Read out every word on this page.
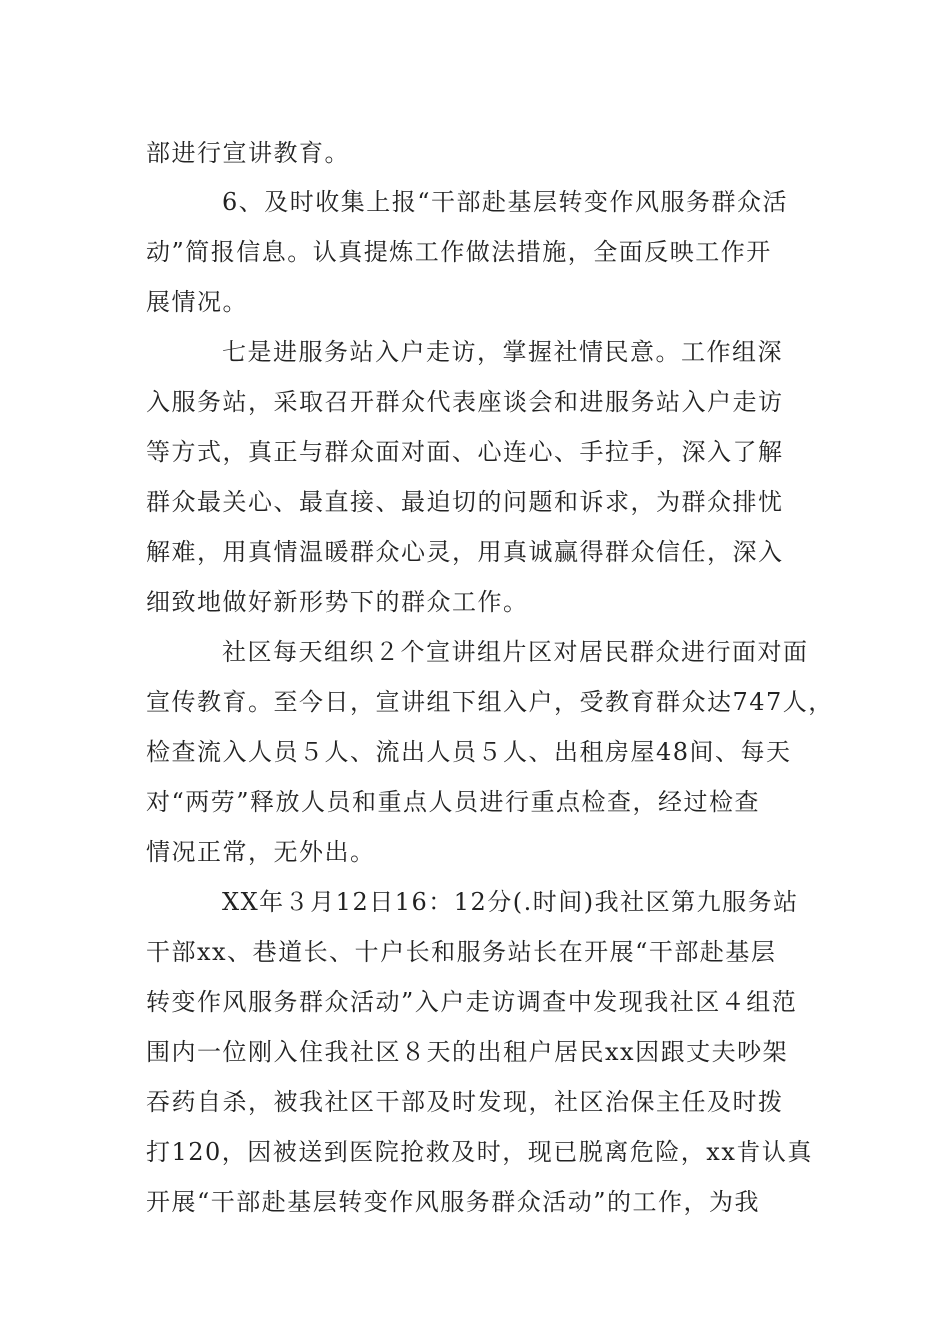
部进行宣讲教育。
6、及时收集上报“干部赴基层转变作风服务群众活
动”简报信息。认真提炼工作做法措施，全面反映工作开
展情况。
七是进服务站入户走访，掌握社情民意。工作组深
入服务站，采取召开群众代表座谈会和进服务站入户走访
等方式，真正与群众面对面、心连心、手拉手，深入了解
群众最关心、最直接、最迫切的问题和诉求，为群众排忧
解难，用真情温暖群众心灵，用真诚赢得群众信任，深入
细致地做好新形势下的群众工作。
社区每天组织２个宣讲组片区对居民群众进行面对面
宣传教育。至今日，宣讲组下组入户，受教育群众达747人，
检查流入人员５人、流出人员５人、出租房屋48间、每天
对“两劳”释放人员和重点人员进行重点检查，经过检查
情况正常，无外出。
XX年３月12日16：12分(.时间)我社区第九服务站
干部xx、巷道长、十户长和服务站长在开展“干部赴基层
转变作风服务群众活动”入户走访调查中发现我社区４组范
围内一位刚入住我社区８天的出租户居民xx因跟丈夫吵架
吞药自杀，被我社区干部及时发现，社区治保主任及时拨
打120，因被送到医院抢救及时，现已脱离危险，xx肯认真
开展“干部赴基层转变作风服务群众活动”的工作，为我
